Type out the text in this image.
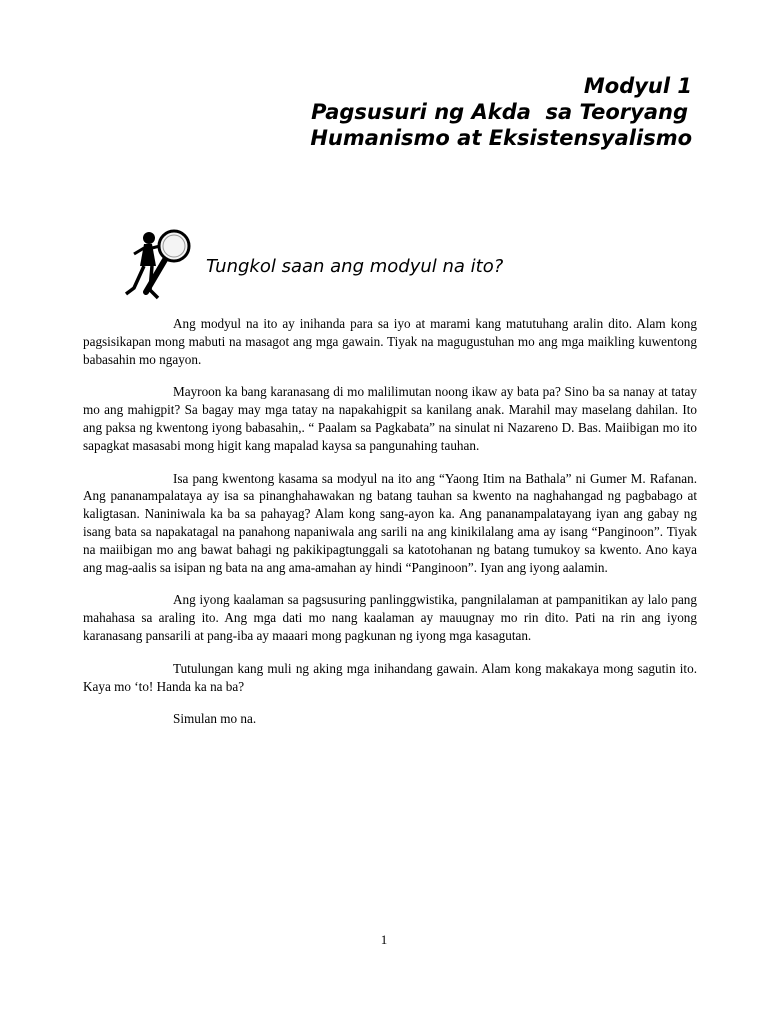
Modyul 1
Pagsusuri ng Akda  sa Teoryang
Humanismo at Eksistensyalismo
Tungkol saan ang modyul na ito?

Ang modyul na ito ay inihanda para sa iyo at marami kang matutuhang aralin dito. Alam kong pagsisikapan mong mabuti na masagot ang mga gawain. Tiyak na magugustuhan mo ang mga maikling kuwentong babasahin mo ngayon.

Mayroon ka bang karanasang di mo malilimutan noong ikaw ay bata pa? Sino ba sa nanay at tatay mo ang mahigpit? Sa bagay may mga tatay na napakahigpit sa kanilang anak. Marahil may maselang dahilan. Ito ang paksa ng kwentong iyong babasahin,. “ Paalam sa Pagkabata” na sinulat ni Nazareno D. Bas. Maiibigan mo ito sapagkat masasabi mong higit kang mapalad kaysa sa pangunahing tauhan.

Isa pang kwentong kasama sa modyul na ito ang “Yaong Itim na Bathala” ni Gumer M. Rafanan. Ang pananampalataya ay isa sa pinanghahawakan ng batang tauhan sa kwento na naghahangad ng pagbabago at kaligtasan. Naniniwala ka ba sa pahayag? Alam kong sang-ayon ka. Ang pananampalatayang iyan ang gabay ng isang bata sa napakatagal na panahong napaniwala ang sarili na ang kinikilalang ama ay isang “Panginoon”. Tiyak na maiibigan mo ang bawat bahagi ng pakikipagtunggali sa katotohanan ng batang tumukoy sa kwento. Ano kaya ang mag-aalis sa isipan ng bata na ang ama-amahan ay hindi “Panginoon”. Iyan ang iyong aalamin.

Ang iyong kaalaman sa pagsusuring panlinggwistika, pangnilalaman at pampanitikan ay lalo pang mahahasa sa araling ito. Ang mga dati mo nang kaalaman ay mauugnay mo rin dito. Pati na rin ang iyong karanasang pansarili at pang-iba ay maaari mong pagkunan ng iyong mga kasagutan.

Tutulungan kang muli ng aking mga inihandang gawain. Alam kong makakaya mong sagutin ito. Kaya mo ‘to! Handa ka na ba?

Simulan mo na.

1
